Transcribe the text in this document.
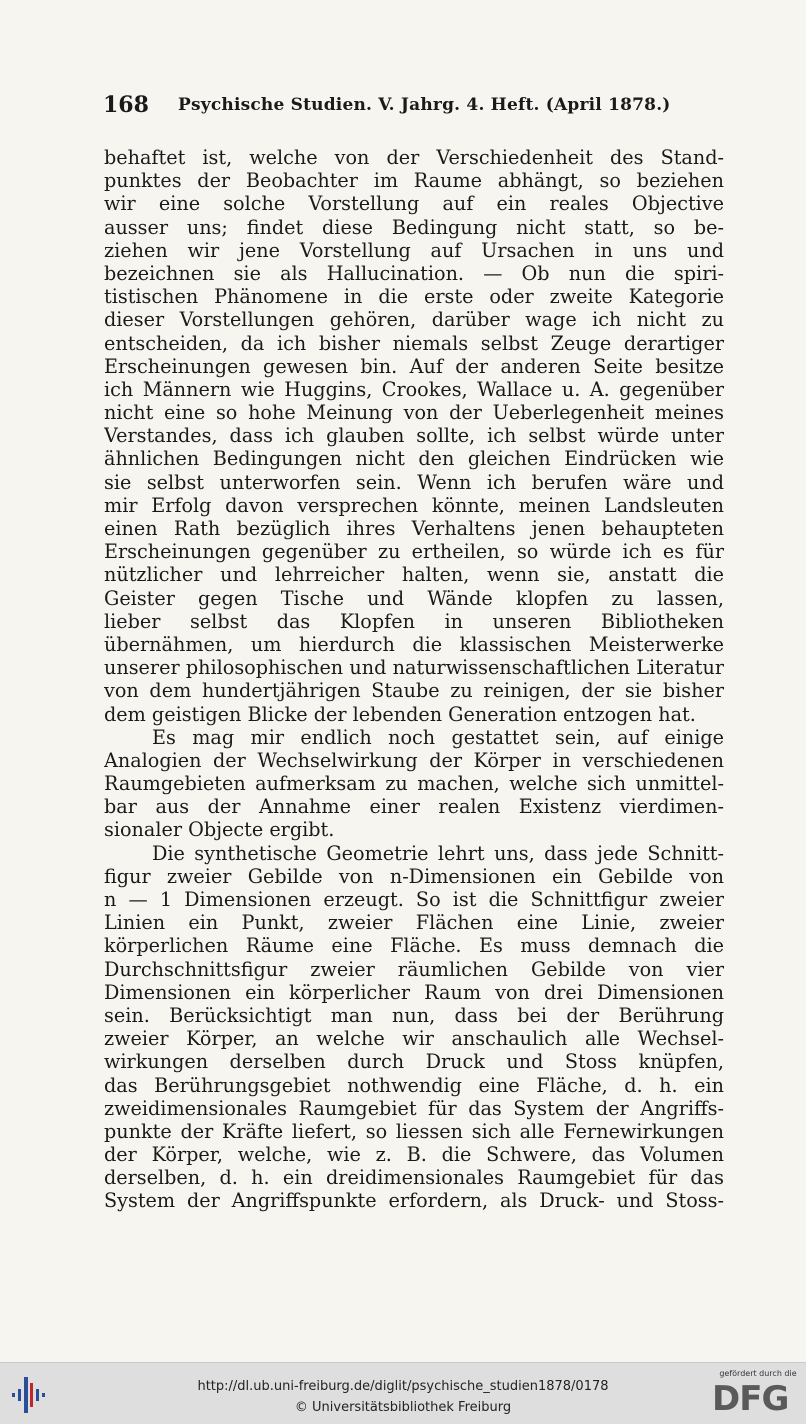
168 Psychische Studien. V. Jahrg. 4. Heft. (April 1878.)
behaftet ist, welche von der Verschiedenheit des Stand-
punktes der Beobachter im Raume abhängt, so beziehen
wir eine solche Vorstellung auf ein reales Objective
ausser uns; findet diese Bedingung nicht statt, so be-
ziehen wir jene Vorstellung auf Ursachen in uns und
bezeichnen sie als Hallucination. — Ob nun die spiri-
tistischen Phänomene in die erste oder zweite Kategorie
dieser Vorstellungen gehören, darüber wage ich nicht zu
entscheiden, da ich bisher niemals selbst Zeuge derartiger
Erscheinungen gewesen bin. Auf der anderen Seite besitze
ich Männern wie Huggins, Crookes, Wallace u. A. gegenüber
nicht eine so hohe Meinung von der Ueberlegenheit meines
Verstandes, dass ich glauben sollte, ich selbst würde unter
ähnlichen Bedingungen nicht den gleichen Eindrücken wie
sie selbst unterworfen sein. Wenn ich berufen wäre und
mir Erfolg davon versprechen könnte, meinen Landsleuten
einen Rath bezüglich ihres Verhaltens jenen behaupteten
Erscheinungen gegenüber zu ertheilen, so würde ich es für
nützlicher und lehrreicher halten, wenn sie, anstatt die
Geister gegen Tische und Wände klopfen zu lassen,
lieber selbst das Klopfen in unseren Bibliotheken
übernähmen, um hierdurch die klassischen Meisterwerke
unserer philosophischen und naturwissenschaftlichen Literatur
von dem hundertjährigen Staube zu reinigen, der sie bisher
dem geistigen Blicke der lebenden Generation entzogen hat.
Es mag mir endlich noch gestattet sein, auf einige
Analogien der Wechselwirkung der Körper in verschiedenen
Raumgebieten aufmerksam zu machen, welche sich unmittel-
bar aus der Annahme einer realen Existenz vierdimen-
sionaler Objecte ergibt.
Die synthetische Geometrie lehrt uns, dass jede Schnitt-
figur zweier Gebilde von n-Dimensionen ein Gebilde von
n — 1 Dimensionen erzeugt. So ist die Schnittfigur zweier
Linien ein Punkt, zweier Flächen eine Linie, zweier
körperlichen Räume eine Fläche. Es muss demnach die
Durchschnittsfigur zweier räumlichen Gebilde von vier
Dimensionen ein körperlicher Raum von drei Dimensionen
sein. Berücksichtigt man nun, dass bei der Berührung
zweier Körper, an welche wir anschaulich alle Wechsel-
wirkungen derselben durch Druck und Stoss knüpfen,
das Berührungsgebiet nothwendig eine Fläche, d. h. ein
zweidimensionales Raumgebiet für das System der Angriffs-
punkte der Kräfte liefert, so liessen sich alle Fernewirkungen
der Körper, welche, wie z. B. die Schwere, das Volumen
derselben, d. h. ein dreidimensionales Raumgebiet für das
System der Angriffspunkte erfordern, als Druck- und Stoss-
http://dl.ub.uni-freiburg.de/diglit/psychische_studien1878/0178
© Universitätsbibliothek Freiburg
gefördert durch die
DFG
